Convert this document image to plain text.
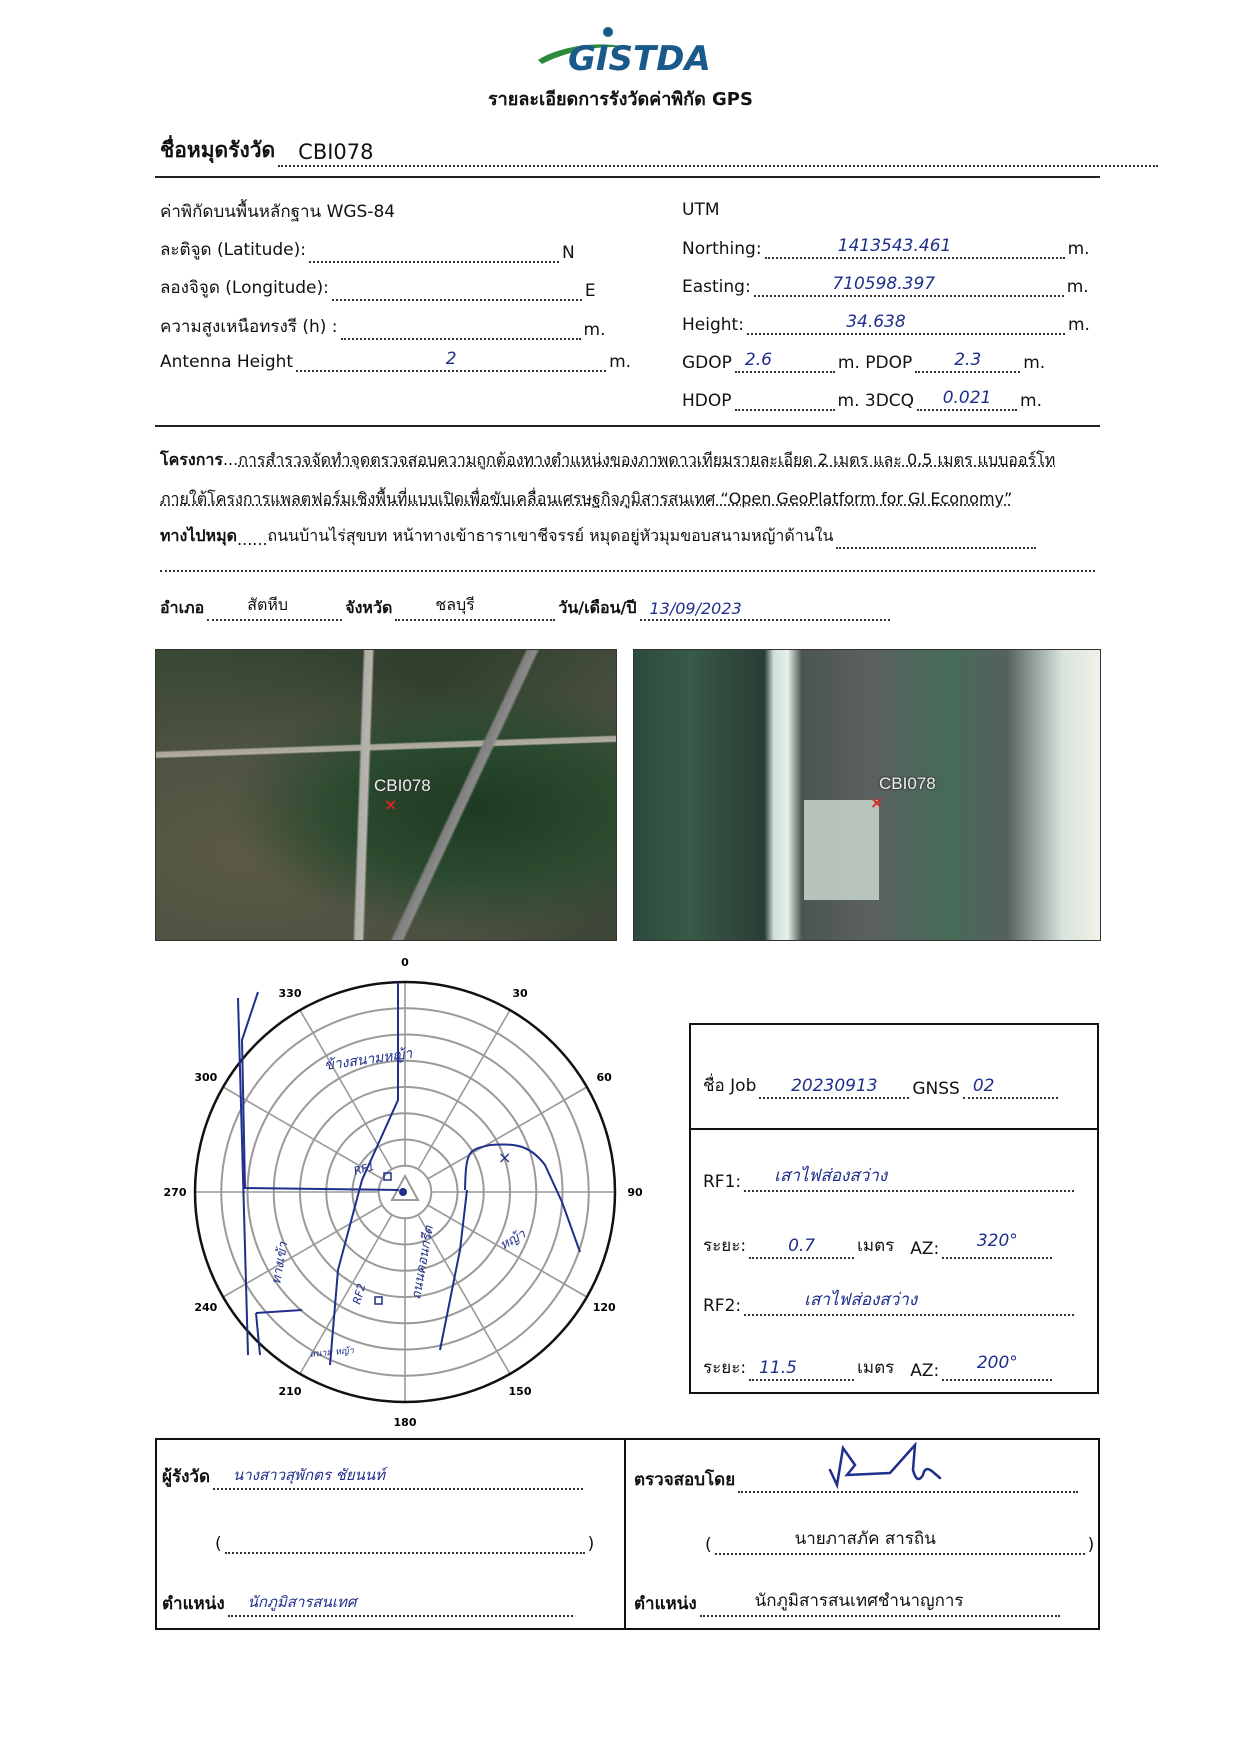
GISTDA
รายละเอียดการรังวัดค่าพิกัด GPS
ชื่อหมุดรังวัด CBI078
ค่าพิกัดบนพื้นหลักฐาน WGS-84
ละติจูด (Latitude):	N
ลองจิจูด (Longitude):	E
ความสูงเหนือทรงรี (h) :	m.
Antenna Height	2	m.
UTM
Northing:	1413543.461	m.
Easting:	710598.397	m.
Height:	34.638	m.
GDOP 2.6	m. PDOP	2.3	m.
HDOP	m. 3DCQ	0.021	m.
โครงการ...การสำรวจจัดทำจุดตรวจสอบความถูกต้องทางตำแหน่งของภาพดาวเทียมรายละเอียด 2 เมตร และ 0.5 เมตร แบบออร์โท
ภายใต้โครงการแพลตฟอร์มเชิงพื้นที่แบบเปิดเพื่อขับเคลื่อนเศรษฐกิจภูมิสารสนเทศ “Open GeoPlatform for GI Economy”
ทางไปหมุด ...... ถนนบ้านไร่สุขบท หน้าทางเข้าธาราเขาชีจรรย์ หมุดอยู่หัวมุมขอบสนามหญ้าด้านใน
อำเภอ	สัตหีบ	จังหวัด	ชลบุรี	วัน/เดือน/ปี 13/09/2023
CBI078
×
CBI078
×
0
30
60
90
120
150
180
210
240
270
300
330
×
ข้างสนามหญ้า
RF1
RF2
ทางเข้า	ถนนคอนกรีต	หญ้า
สนาม หญ้า
ชื่อ Job	20230913	GNSS 02
RF1: เสาไฟส่องสว่าง
ระยะ:	0.7	เมตร AZ:	320°
RF2:	เสาไฟส่องสว่าง
ระยะ: 11.5	เมตร AZ:	200°
ผู้รังวัด นางสาวสุพักตร ชัยนนท์
(	)
ตำแหน่ง นักภูมิสารสนเทศ
ตรวจสอบโดย
(	นายภาสภัค สารถิน	)
ตำแหน่ง	นักภูมิสารสนเทศชำนาญการ
